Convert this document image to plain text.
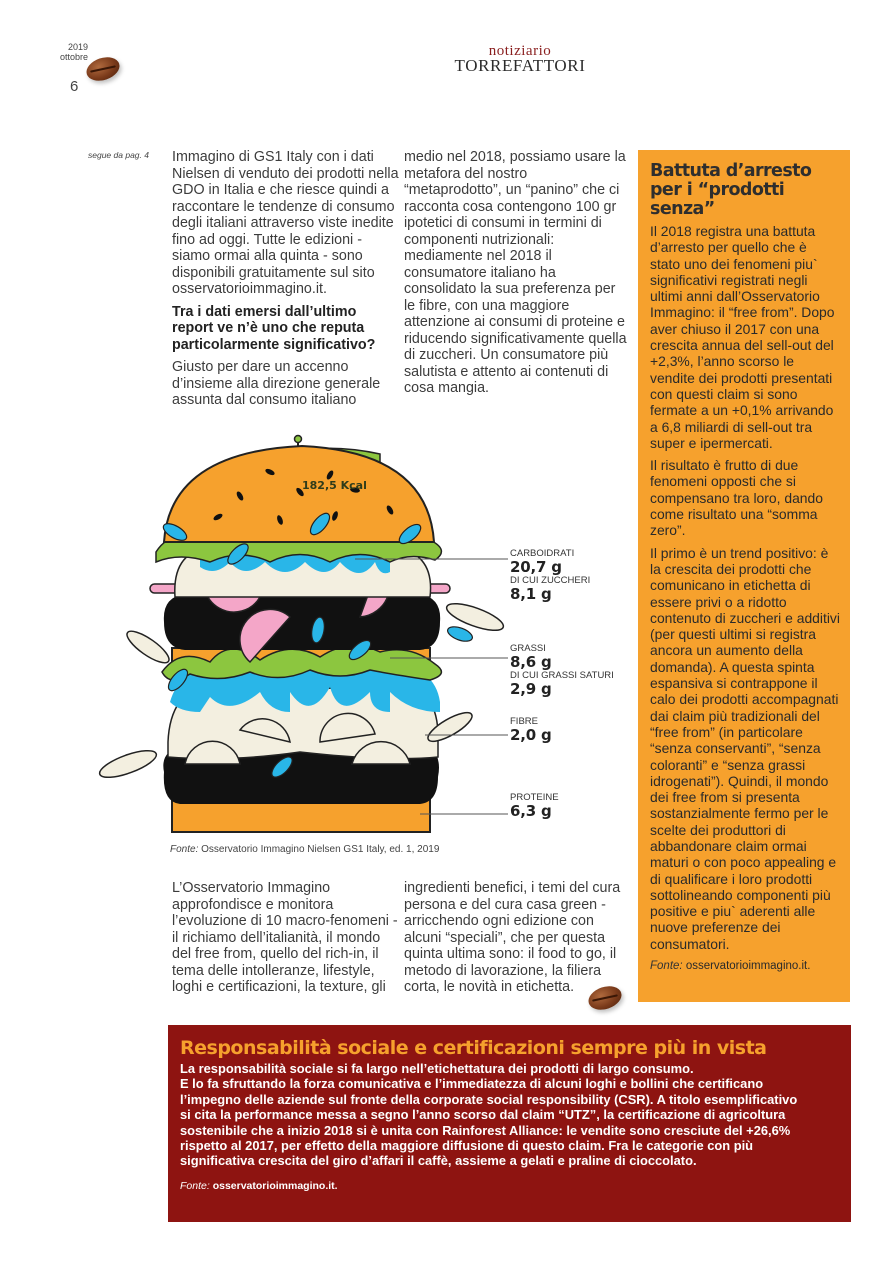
2019
ottobre
6
notiziario
TORREFATTORI
segue da pag. 4 Immagino di GS1 Italy con i dati Nielsen di venduto dei prodotti nella GDO in Italia e che riesce quindi a raccontare le tendenze di consumo degli italiani attraverso viste inedite fino ad oggi. Tutte le edizioni - siamo ormai alla quinta - sono disponibili gratuitamente sul sito osservatorioimmagino.it.

Tra i dati emersi dall’ultimo report ve n’è uno che reputa particolarmente significativo?

Giusto per dare un accenno d’insieme alla direzione generale assunta dal consumo italiano

medio nel 2018, possiamo usare la metafora del nostro “metaprodotto”, un “panino” che ci racconta cosa contengono 100 gr ipotetici di consumi in termini di componenti nutrizionali: mediamente nel 2018 il consumatore italiano ha consolidato la sua preferenza per le fibre, con una maggiore attenzione ai consumi di proteine e riducendo significativamente quella di zuccheri. Un consumatore più salutista e attento ai contenuti di cosa mangia.

182,5 Kcal
CARBOIDRATI
20,7 g
DI CUI ZUCCHERI
8,1 g
GRASSI
8,6 g
DI CUI GRASSI SATURI
2,9 g
FIBRE
2,0 g
PROTEINE
6,3 g
Fonte: Osservatorio Immagino Nielsen GS1 Italy, ed. 1, 2019

L’Osservatorio Immagino approfondisce e monitora l’evoluzione di 10 macro-fenomeni - il richiamo dell’italianità, il mondo del free from, quello del rich-in, il tema delle intolleranze, lifestyle, loghi e certificazioni, la texture, gli

ingredienti benefici, i temi del cura persona e del cura casa green - arricchendo ogni edizione con alcuni “speciali”, che per questa quinta ultima sono: il food to go, il metodo di lavorazione, la filiera corta, le novità in etichetta.

Battuta d’arresto per i “prodotti senza”

Il 2018 registra una battuta d’arresto per quello che è stato uno dei fenomeni piu` significativi registrati negli ultimi anni dall’Osservatorio Immagino: il “free from”. Dopo aver chiuso il 2017 con una crescita annua del sell-out del +2,3%, l’anno scorso le vendite dei prodotti presentati con questi claim si sono fermate a un +0,1% arrivando a 6,8 miliardi di sell-out tra super e ipermercati.

Il risultato è frutto di due fenomeni opposti che si compensano tra loro, dando come risultato una “somma zero”.

Il primo è un trend positivo: è la crescita dei prodotti che comunicano in etichetta di essere privi o a ridotto contenuto di zuccheri e additivi (per questi ultimi si registra ancora un aumento della domanda). A questa spinta espansiva si contrappone il calo dei prodotti accompagnati dai claim più tradizionali del “free from” (in particolare “senza conservanti”, “senza coloranti” e “senza grassi idrogenati”). Quindi, il mondo dei free from si presenta sostanzialmente fermo per le scelte dei produttori di abbandonare claim ormai maturi o con poco appealing e di qualificare i loro prodotti sottolineando componenti più positive e piu` aderenti alle nuove preferenze dei consumatori.

Fonte: osservatorioimmagino.it.

Responsabilità sociale e certificazioni sempre più in vista

La responsabilità sociale si fa largo nell’etichettatura dei prodotti di largo consumo.

E lo fa sfruttando la forza comunicativa e l’immediatezza di alcuni loghi e bollini che certificano

l’impegno delle aziende sul fronte della corporate social responsibility (CSR). A titolo esemplificativo

si cita la performance messa a segno l’anno scorso dal claim “UTZ”, la certificazione di agricoltura

sostenibile che a inizio 2018 si è unita con Rainforest Alliance: le vendite sono cresciute del +26,6%

rispetto al 2017, per effetto della maggiore diffusione di questo claim. Fra le categorie con più

significativa crescita del giro d’affari il caffè, assieme a gelati e praline di cioccolato.

Fonte: osservatorioimmagino.it.
